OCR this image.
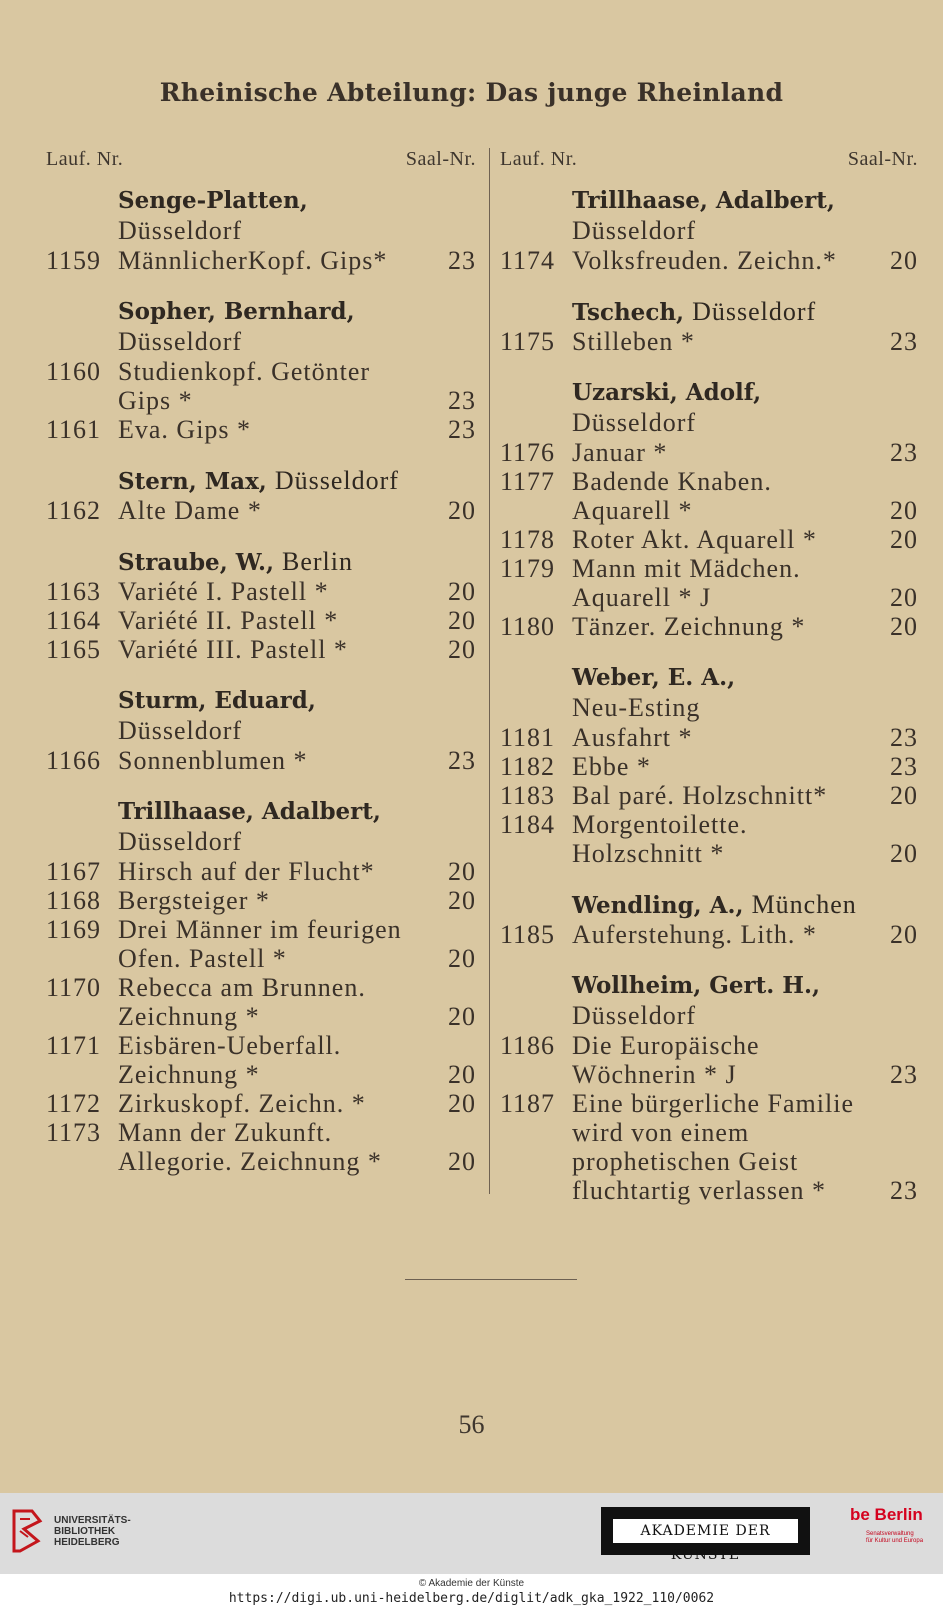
Rheinische Abteilung: Das junge Rheinland
Lauf. Nr.	Saal-Nr.
Senge-Platten,
Düsseldorf
1159 MännlicherKopf. Gips*	23
Sopher, Bernhard,
Düsseldorf
1160 Studienkopf. Getönter Gips *	23
1161 Eva. Gips *	23
Stern, Max, Düsseldorf
1162 Alte Dame *	20
Straube, W., Berlin
1163 Variété I. Pastell *	20
1164 Variété II. Pastell *	20
1165 Variété III. Pastell *	20
Sturm, Eduard,
Düsseldorf
1166 Sonnenblumen *	23
Trillhaase, Adalbert,
Düsseldorf
1167 Hirsch auf der Flucht*	20
1168 Bergsteiger *	20
1169 Drei Männer im feurigen Ofen. Pastell *	20
1170 Rebecca am Brunnen. Zeichnung *	20
1171 Eisbären-Ueberfall. Zeichnung *	20
1172 Zirkuskopf. Zeichn. *	20
1173 Mann der Zukunft. Allegorie. Zeichnung *	20
Lauf. Nr.	Saal-Nr.
Trillhaase, Adalbert,
Düsseldorf
1174 Volksfreuden. Zeichn.*	20
Tschech, Düsseldorf
1175 Stilleben *	23
Uzarski, Adolf,
Düsseldorf
1176 Januar *	23
1177 Badende Knaben. Aquarell *	20
1178 Roter Akt. Aquarell *	20
1179 Mann mit Mädchen. Aquarell * J	20
1180 Tänzer. Zeichnung *	20
Weber, E. A.,
Neu-Esting
1181 Ausfahrt *	23
1182 Ebbe *	23
1183 Bal paré. Holzschnitt*	20
1184 Morgentoilette. Holzschnitt *	20
Wendling, A., München
1185 Auferstehung. Lith. *	20
Wollheim, Gert. H.,
Düsseldorf
1186 Die Europäische Wöchnerin * J	23
1187 Eine bürgerliche Familie wird von einem prophetischen Geist fluchtartig verlassen *	23
56
UNIVERSITÄTS-
BIBLIOTHEK
HEIDELBERG
AKADEMIE DER KÜNSTE
be Berlin
Senatsverwaltung
für Kultur und Europa
© Akademie der Künste
https://digi.ub.uni-heidelberg.de/diglit/adk_gka_1922_110/0062
